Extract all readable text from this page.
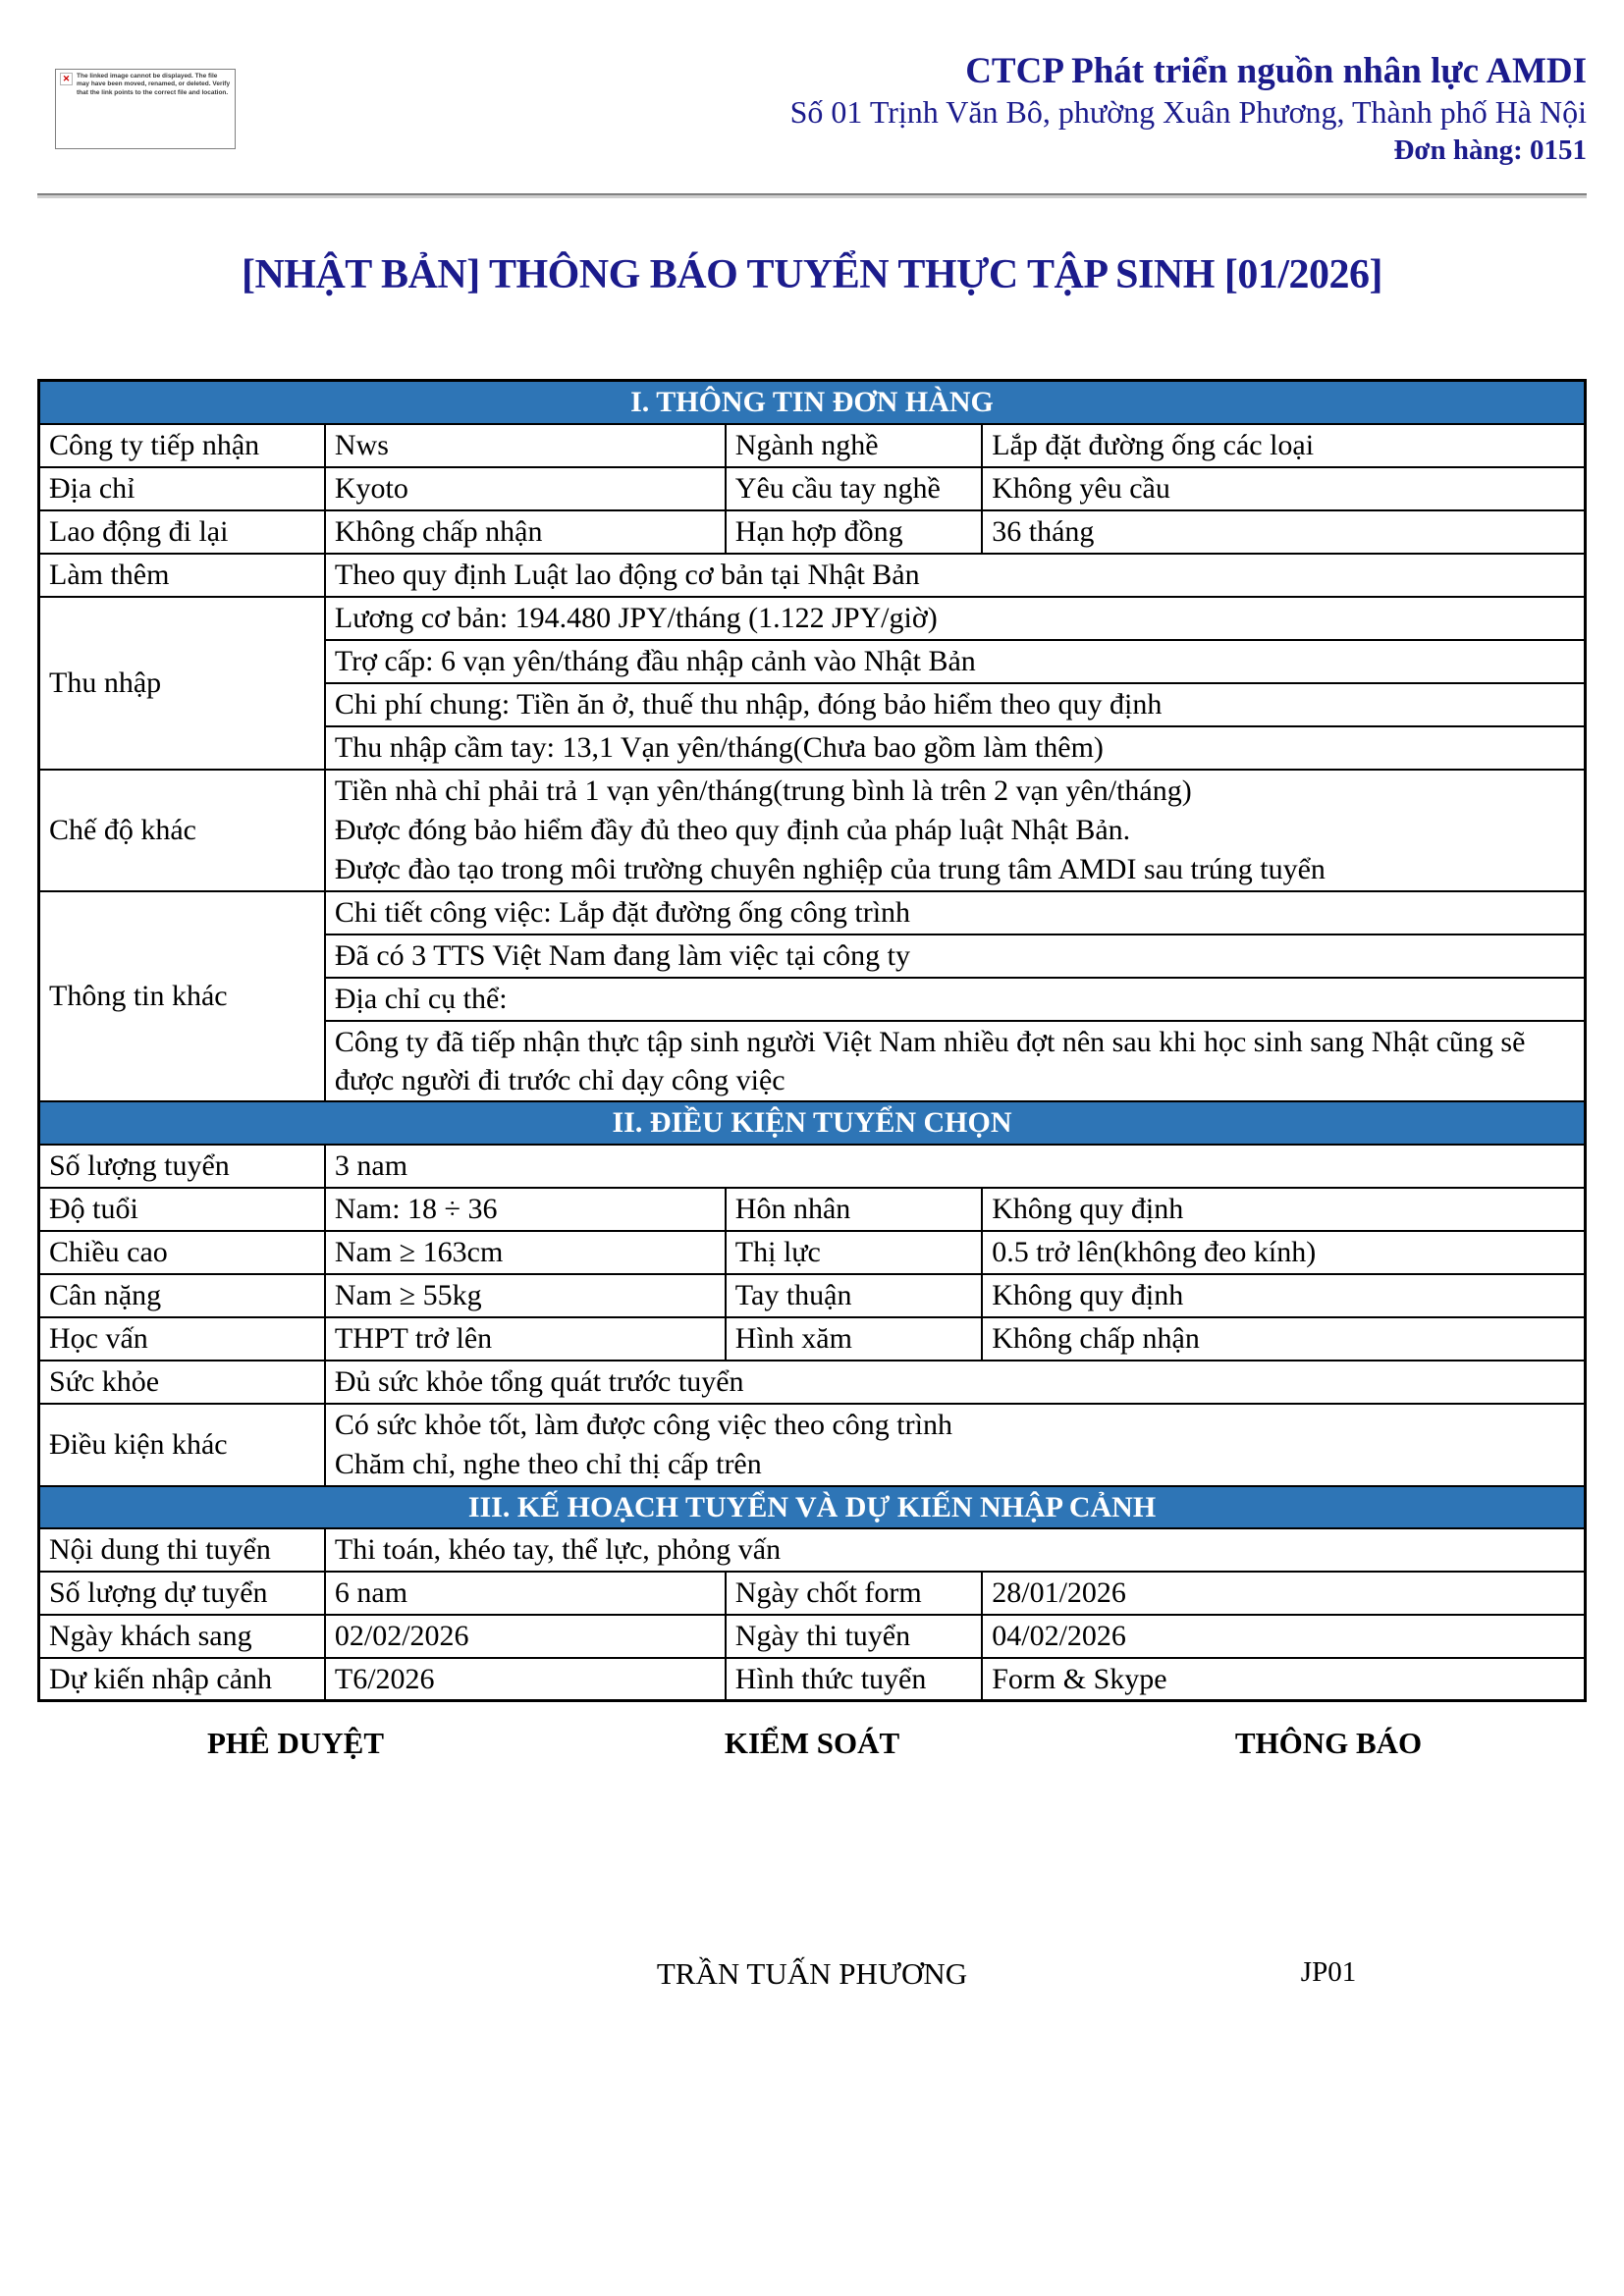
✕	The linked image cannot be displayed. The file may have been moved, renamed, or deleted. Verify that the link points to the correct file and location.
CTCP Phát triển nguồn nhân lực AMDI
Số 01 Trịnh Văn Bô, phường Xuân Phương, Thành phố Hà Nội
Đơn hàng: 0151
[NHẬT BẢN] THÔNG BÁO TUYỂN THỰC TẬP SINH [01/2026]
I. THÔNG TIN ĐƠN HÀNG			
Công ty tiếp nhận	Nws	Ngành nghề	Lắp đặt đường ống các loại
Địa chỉ	Kyoto	Yêu cầu tay nghề	Không yêu cầu
Lao động đi lại	Không chấp nhận	Hạn hợp đồng	36 tháng
Làm thêm	Theo quy định Luật lao động cơ bản tại Nhật Bản		
Thu nhập	Lương cơ bản: 194.480 JPY/tháng (1.122 JPY/giờ)		
	Trợ cấp: 6 vạn yên/tháng đầu nhập cảnh vào Nhật Bản		
	Chi phí chung: Tiền ăn ở, thuế thu nhập, đóng bảo hiểm theo quy định		
	Thu nhập cầm tay: 13,1 Vạn yên/tháng(Chưa bao gồm làm thêm)		
Chế độ khác	Tiền nhà chỉ phải trả 1 vạn yên/tháng(trung bình là trên 2 vạn yên/tháng)
Được đóng bảo hiểm đầy đủ theo quy định của pháp luật Nhật Bản.
Được đào tạo trong môi trường chuyên nghiệp của trung tâm AMDI sau trúng tuyển		

Thông tin khác	Chi tiết công việc: Lắp đặt đường ống công trình		
	Đã có 3 TTS Việt Nam đang làm việc tại công ty		
	Địa chỉ cụ thể:		
	Công ty đã tiếp nhận thực tập sinh người Việt Nam nhiều đợt nên sau khi học sinh sang Nhật cũng sẽ được người đi trước chỉ dạy công việc		
II. ĐIỀU KIỆN TUYỂN CHỌN			
Số lượng tuyển	3 nam		
Độ tuổi	Nam: 18 ÷ 36	Hôn nhân	Không quy định
Chiều cao	Nam ≥ 163cm	Thị lực	0.5 trở lên(không đeo kính)
Cân nặng	Nam ≥ 55kg	Tay thuận	Không quy định
Học vấn	THPT trở lên	Hình xăm	Không chấp nhận
Sức khỏe	Đủ sức khỏe tổng quát trước tuyển		
Điều kiện khác	Có sức khỏe tốt, làm được công việc theo công trình
Chăm chỉ, nghe theo chỉ thị cấp trên		

III. KẾ HOẠCH TUYỂN VÀ DỰ KIẾN NHẬP CẢNH			
Nội dung thi tuyển	Thi toán, khéo tay, thể lực, phỏng vấn		
Số lượng dự tuyển	6 nam	Ngày chốt form	28/01/2026
Ngày khách sang	02/02/2026	Ngày thi tuyển	04/02/2026
Dự kiến nhập cảnh	T6/2026	Hình thức tuyển	Form & Skype
PHÊ DUYỆT	KIỂM SOÁT	THÔNG BÁO
TRẦN TUẤN PHƯƠNG	JP01
